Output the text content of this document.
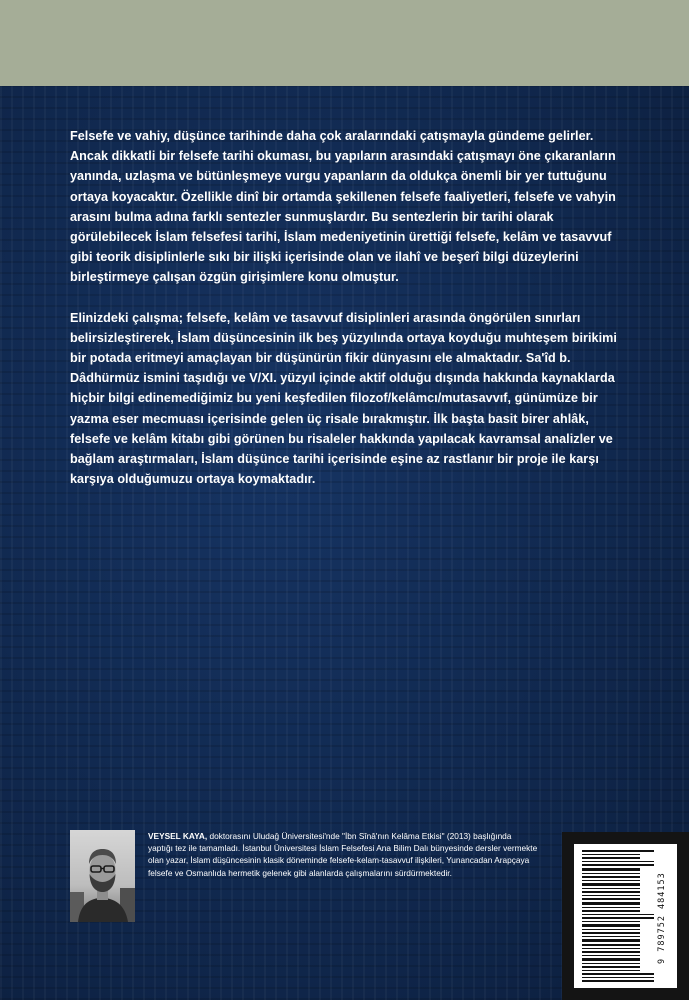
Felsefe ve vahiy, düşünce tarihinde daha çok aralarındaki çatışmayla gündeme gelirler. Ancak dikkatli bir felsefe tarihi okuması, bu yapıların arasındaki çatışmayı öne çıkaranların yanında, uzlaşma ve bütünleşmeye vurgu yapanların da oldukça önemli bir yer tuttuğunu ortaya koyacaktır. Özellikle dinî bir ortamda şekillenen felsefe faaliyetleri, felsefe ve vahyin arasını bulma adına farklı sentezler sunmuşlardır. Bu sentezlerin bir tarihi olarak görülebilecek İslam felsefesi tarihi, İslam medeniyetinin ürettiği felsefe, kelâm ve tasavvuf gibi teorik disiplinlerle sıkı bir ilişki içerisinde olan ve ilahî ve beşerî bilgi düzeylerini birleştirmeye çalışan özgün girişimlere konu olmuştur.

Elinizdeki çalışma; felsefe, kelâm ve tasavvuf disiplinleri arasında öngörülen sınırları belirsizleştirerek, İslam düşüncesinin ilk beş yüzyılında ortaya koyduğu muhteşem birikimi bir potada eritmeyi amaçlayan bir düşünürün fikir dünyasını ele almaktadır. Sa'îd b. Dâdhürmüz ismini taşıdığı ve V/XI. yüzyıl içinde aktif olduğu dışında hakkında kaynaklarda hiçbir bilgi edinemediğimiz bu yeni keşfedilen filozof/kelâmcı/mutasavvıf, günümüze bir yazma eser mecmuası içerisinde gelen üç risale bırakmıştır. İlk başta basit birer ahlâk, felsefe ve kelâm kitabı gibi görünen bu risaleler hakkında yapılacak kavramsal analizler ve bağlam araştırmaları, İslam düşünce tarihi içerisinde eşine az rastlanır bir proje ile karşı karşıya olduğumuzu ortaya koymaktadır.

VEYSEL KAYA, doktorasını Uludağ Üniversitesi'nde "İbn Sînâ'nın Kelâma Etkisi" (2013) başlığında yaptığı tez ile tamamladı. İstanbul Üniversitesi İslam Felsefesi Ana Bilim Dalı bünyesinde dersler vermekte olan yazar, İslam düşüncesinin klasik döneminde felsefe-kelam-tasavvuf ilişkileri, Yunancadan Arapçaya felsefe ve Osmanlıda hermetik gelenek gibi alanlarda çalışmalarını sürdürmektedir.	9 789752 484153
